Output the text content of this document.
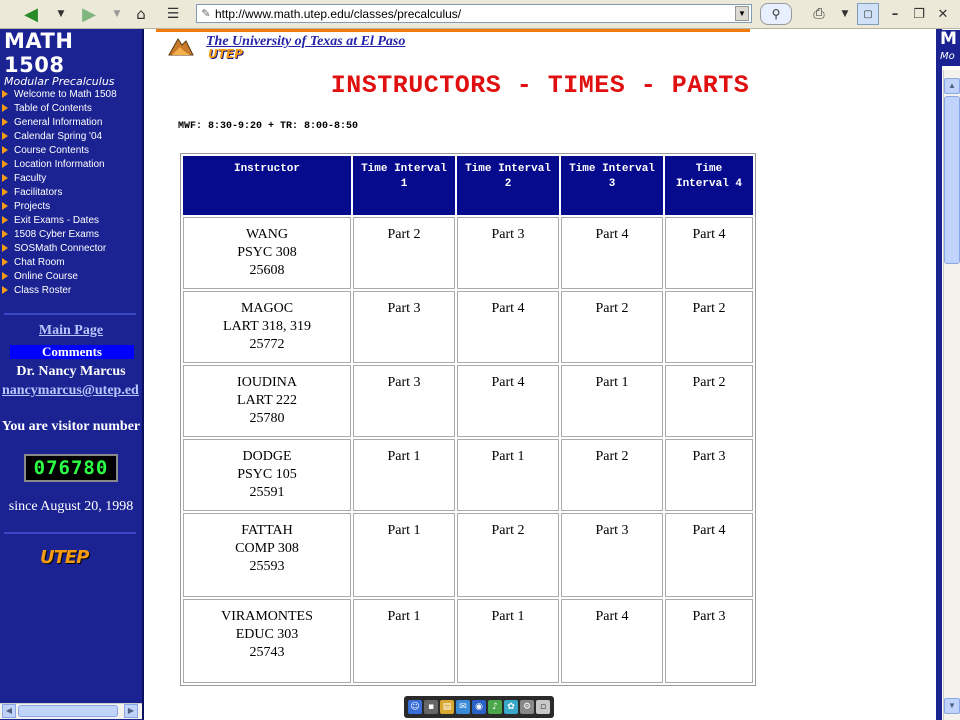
◀	▼ ▶	▼	⌂	☰	✎ http://www.math.utep.edu/classes/precalculus/	▼	⚲	⎙	▼	▢	–	❐ ✕
MATH 1508
Modular Precalculus
Welcome to Math 1508
Table of Contents
General Information
Calendar Spring '04
Course Contents
Location Information
Faculty
Facilitators
Projects
Exit Exams - Dates
1508 Cyber Exams
SOSMath Connector
Chat Room
Online Course
Class Roster
Main Page
Comments
Dr. Nancy Marcus
nancymarcus@utep.ed
You are visitor number
076780
since August 20, 1998
UTEP
◀	▶
The University of Texas at El Paso
UTEP
INSTRUCTORS - TIMES - PARTS
MWF: 8:30-9:20 + TR: 8:00-8:50
Instructor	Time Interval 1	Time Interval 2	Time Interval 3	Time Interval 4

WANG
PSYC 308
25608	Part 2	Part 3	Part 4	Part 4

MAGOC
LART 318, 319
25772	Part 3	Part 4	Part 2	Part 2

IOUDINA
LART 222
25780	Part 3	Part 4	Part 1	Part 2

DODGE
PSYC 105
25591	Part 1	Part 1	Part 2	Part 3

FATTAH
COMP 308
25593	Part 1	Part 2	Part 3	Part 4

VIRAMONTES
EDUC 303
25743	Part 1	Part 1	Part 4	Part 3
M
Mo
▲
▼
☺ ▪ ▤ ✉ ◉	♪	✿ ⚙ ▫
